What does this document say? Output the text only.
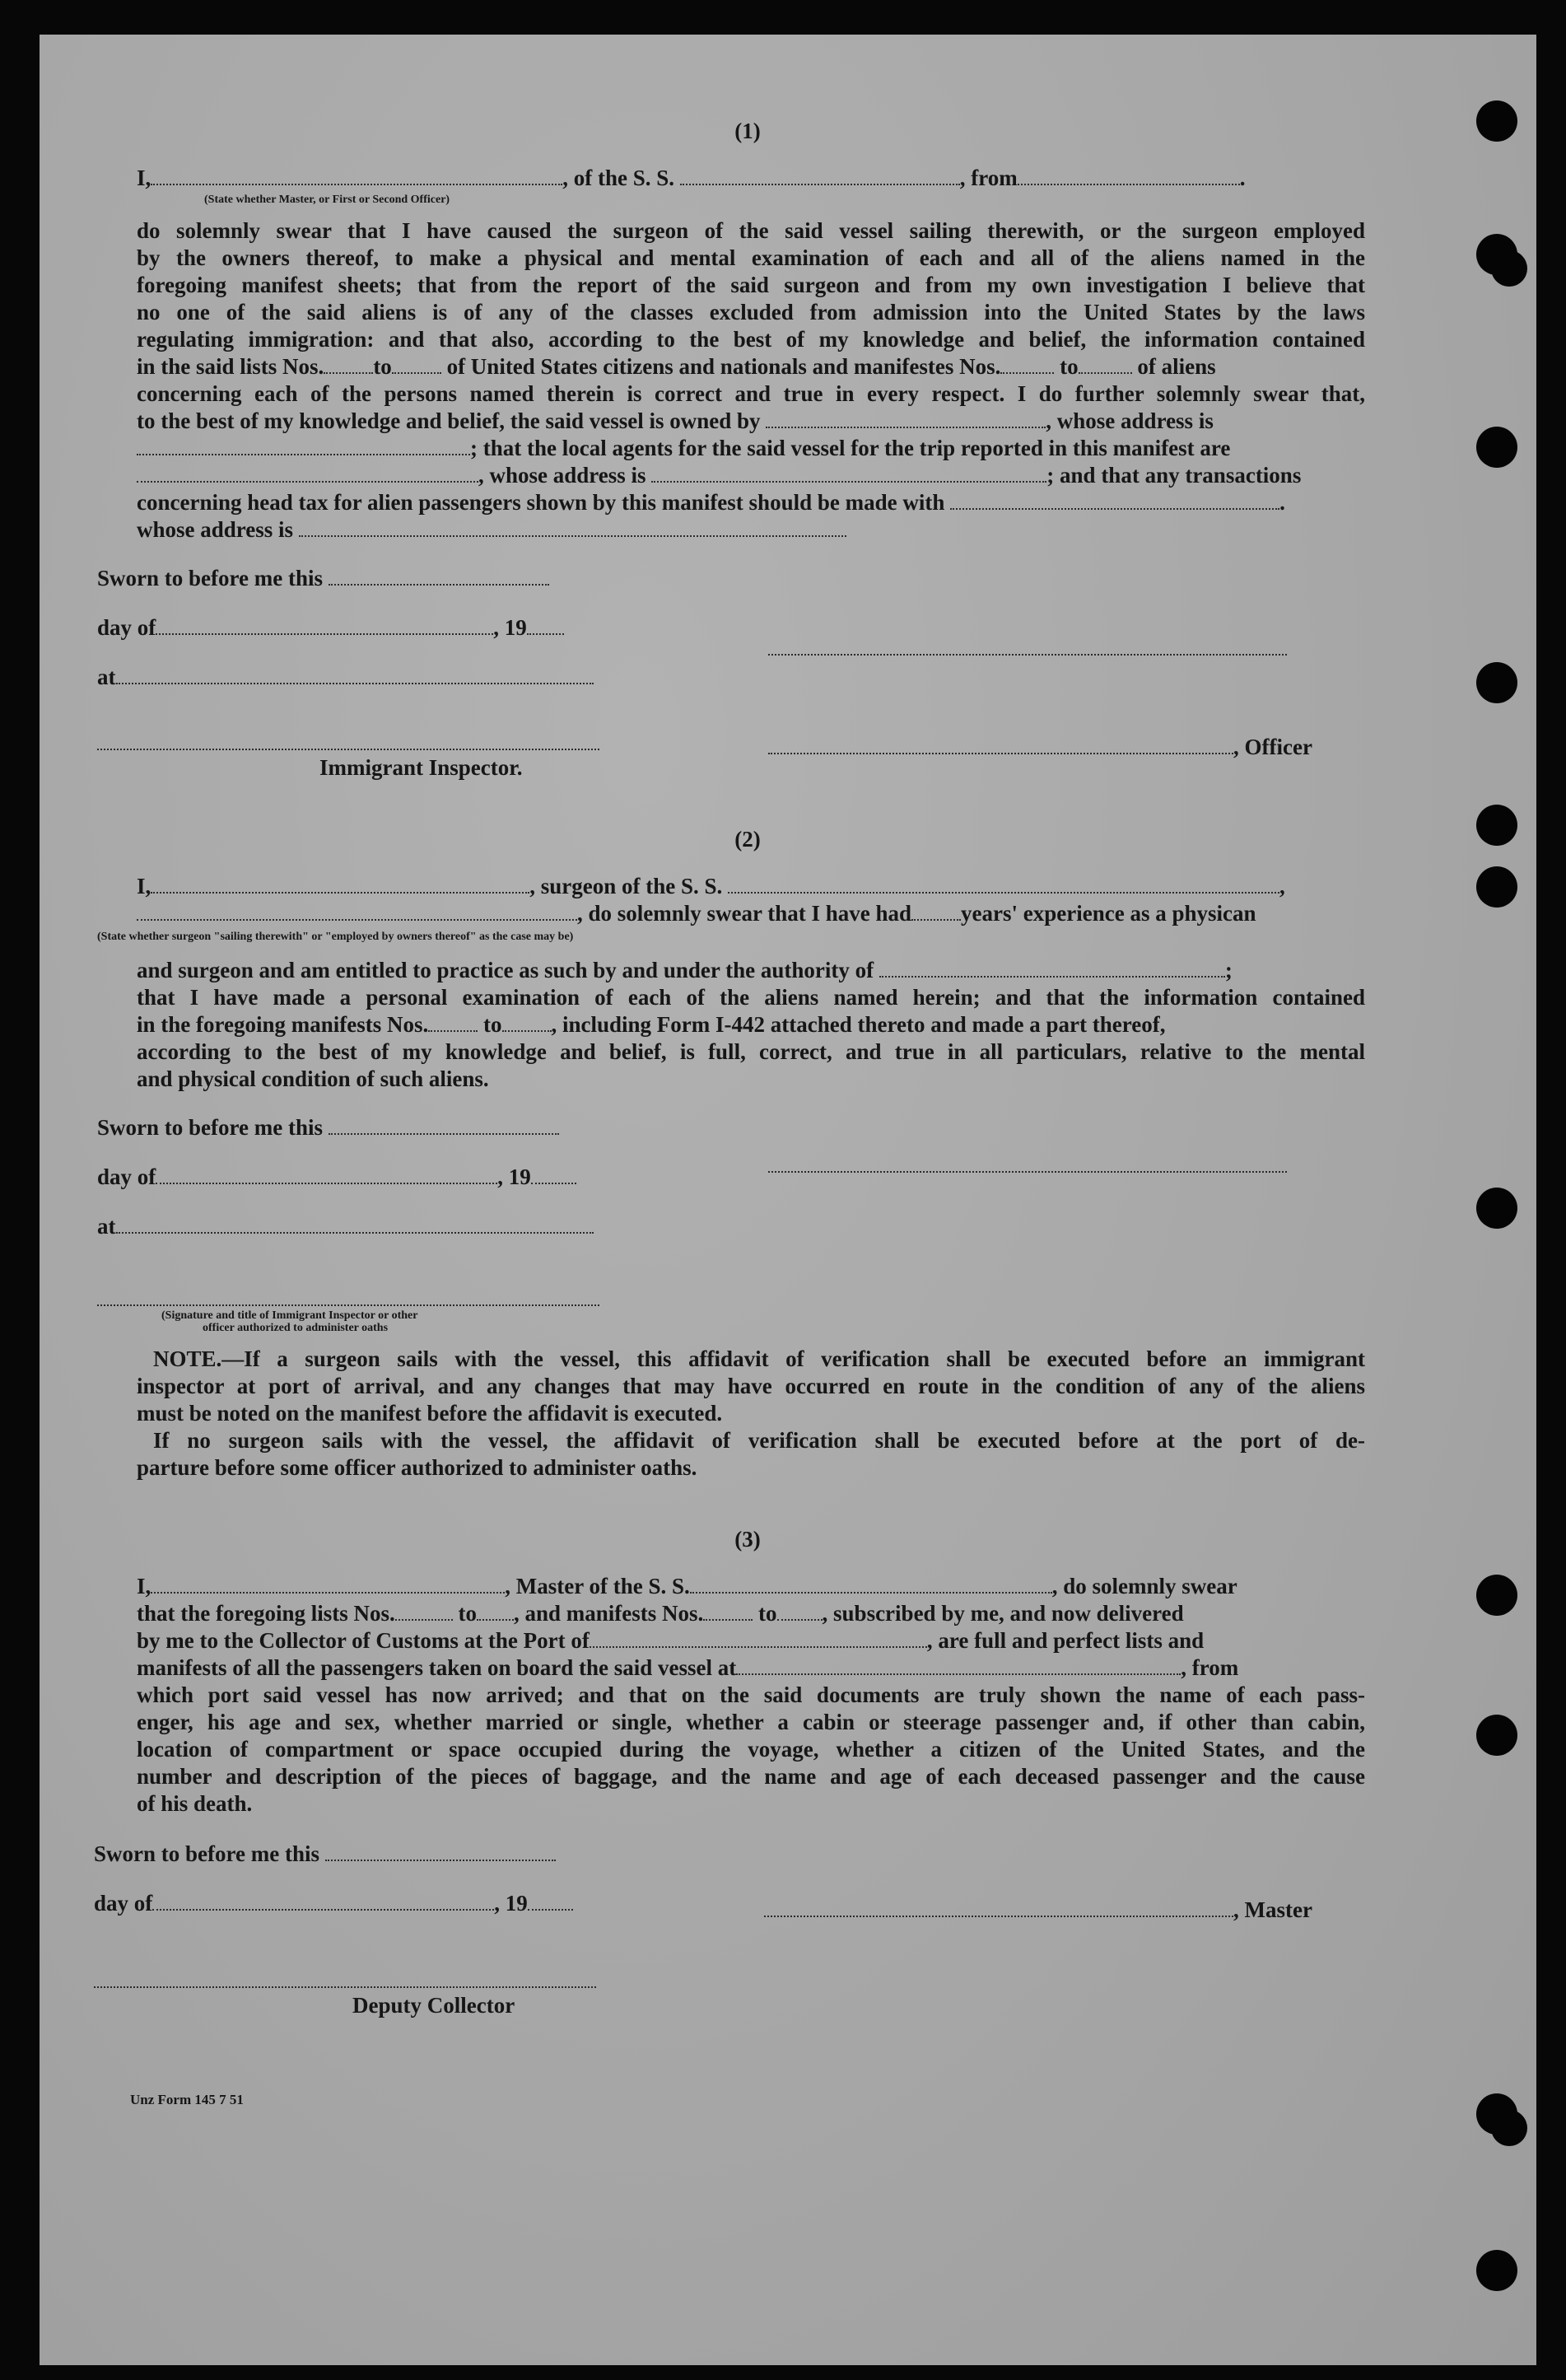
(1)
I,	, of the S. S.	, from	.
(State whether Master, or First or Second Officer)
do solemnly swear that I have caused the surgeon of the said vessel sailing therewith, or the surgeon employed
by the owners thereof, to make a physical and mental examination of each and all of the aliens named in the
foregoing manifest sheets; that from the report of the said surgeon and from my own investigation I believe that
no one of the said aliens is of any of the classes excluded from admission into the United States by the laws
regulating immigration: and that also, according to the best of my knowledge and belief, the information contained
in the said lists Nos. to of United States citizens and nationals and manifestes Nos.	to	of aliens
concerning each of the persons named therein is correct and true in every respect. I do further solemnly swear that,
to the best of my knowledge and belief, the said vessel is owned by	, whose address is
; that the local agents for the said vessel for the trip reported in this manifest are
, whose address is	; and that any transactions
concerning head tax for alien passengers shown by this manifest should be made with	.
whose address is
Sworn to before me this
day of	, 19
at
, Officer
Immigrant Inspector.
(2)
I,	, surgeon of the S. S.	,
, do solemnly swear that I have had years' experience as a physican
(State whether surgeon "sailing therewith" or "employed by owners thereof" as the case may be)
and surgeon and am entitled to practice as such by and under the authority of	;
that I have made a personal examination of each of the aliens named herein; and that the information contained
in the foregoing manifests Nos. to , including Form I-442 attached thereto and made a part thereof,
according to the best of my knowledge and belief, is full, correct, and true in all particulars, relative to the mental
and physical condition of such aliens.
Sworn to before me this
day of	, 19
at
(Signature and title of Immigrant Inspector or other
officer authorized to administer oaths
NOTE.—If a surgeon sails with the vessel, this affidavit of verification shall be executed before an immigrant
inspector at port of arrival, and any changes that may have occurred en route in the condition of any of the aliens
must be noted on the manifest before the affidavit is executed.
If no surgeon sails with the vessel, the affidavit of verification shall be executed before at the port of de-
parture before some officer authorized to administer oaths.
(3)
I,	, Master of the S. S.	, do solemnly swear
that the foregoing lists Nos.	to , and manifests Nos. to , subscribed by me, and now delivered
by me to the Collector of Customs at the Port of	, are full and perfect lists and
manifests of all the passengers taken on board the said vessel at	, from
which port said vessel has now arrived; and that on the said documents are truly shown the name of each pass-
enger, his age and sex, whether married or single, whether a cabin or steerage passenger and, if other than cabin,
location of compartment or space occupied during the voyage, whether a citizen of the United States, and the
number and description of the pieces of baggage, and the name and age of each deceased passenger and the cause
of his death.
Sworn to before me this
day of	, 19	, Master
Deputy Collector
Unz Form 145 7 51
